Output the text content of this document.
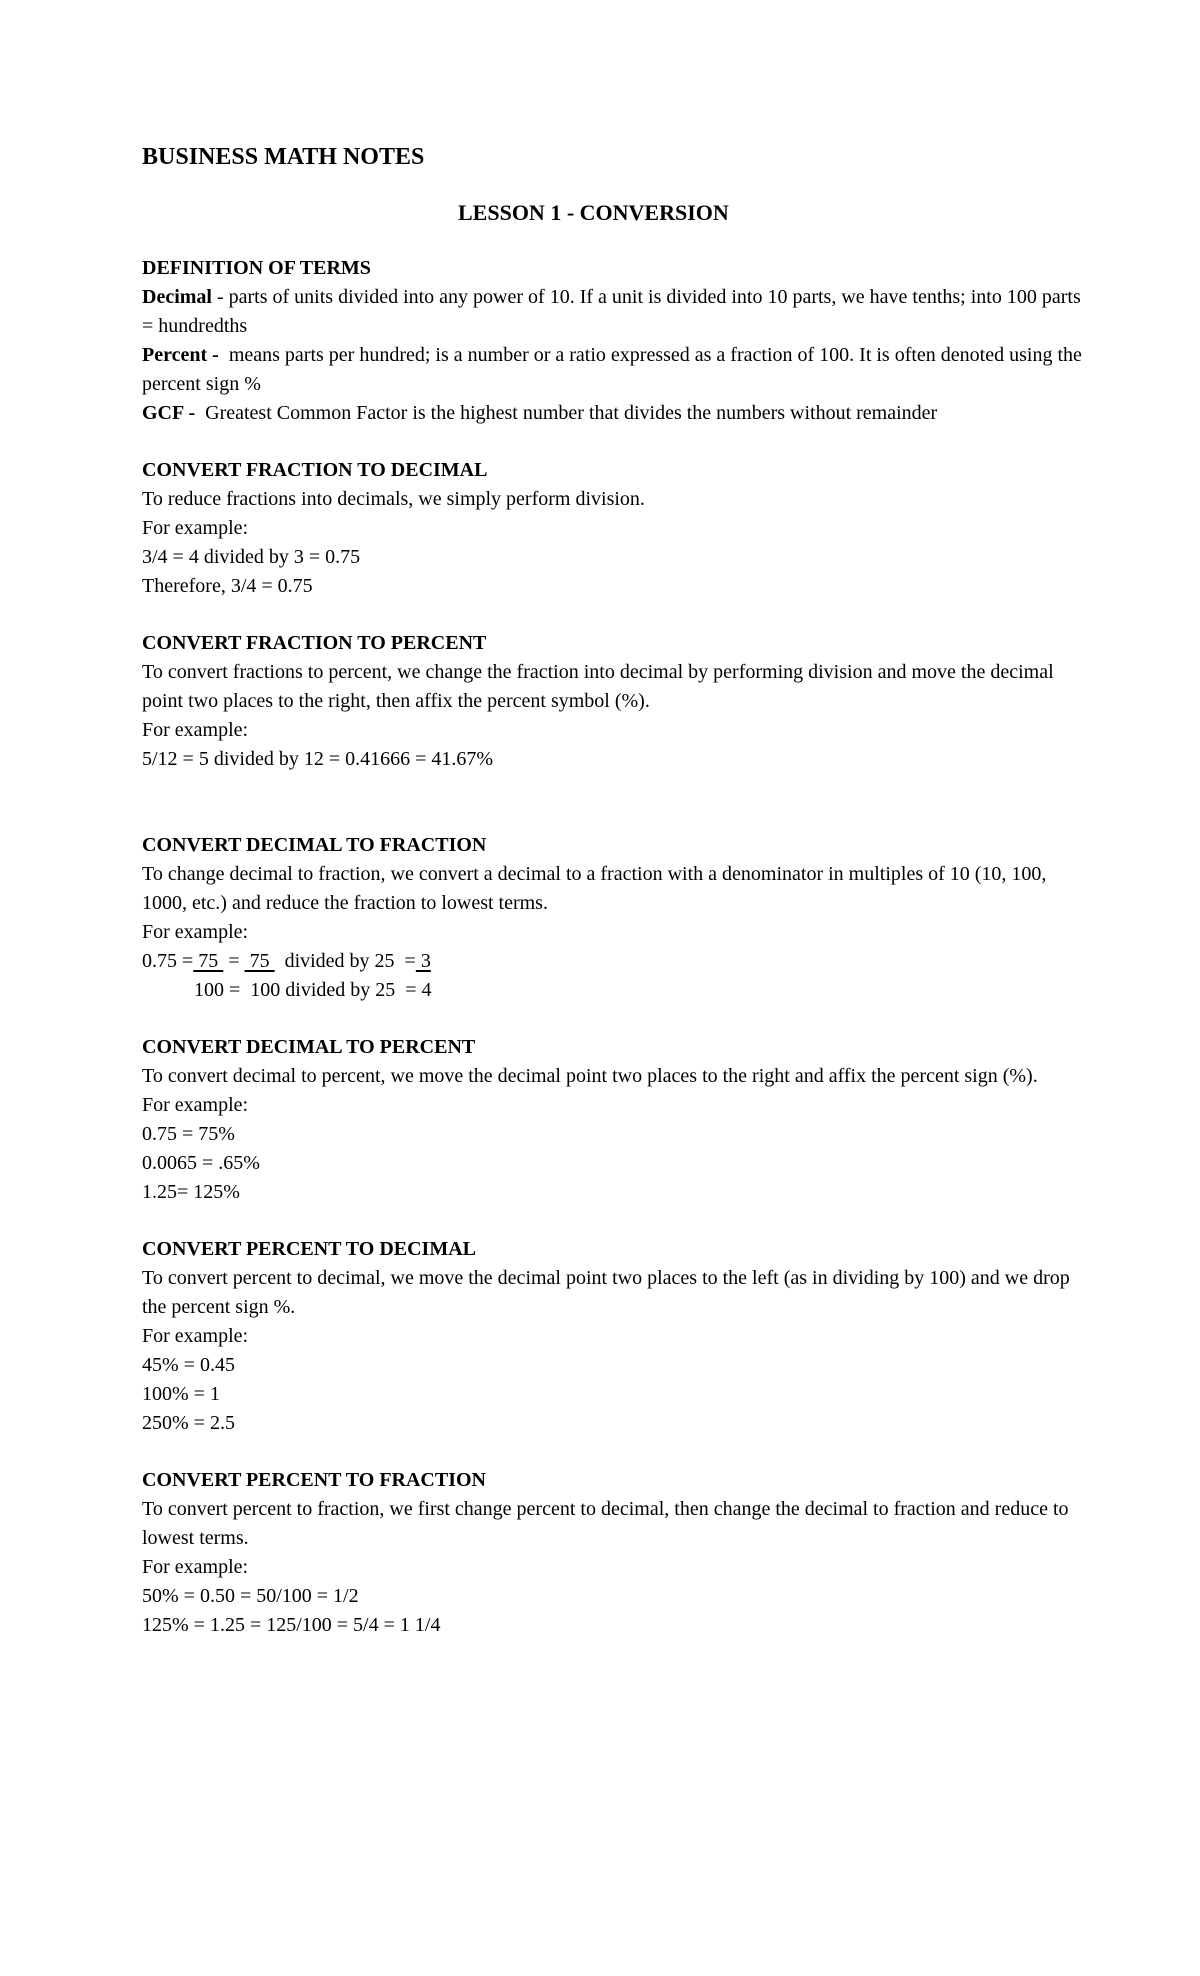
BUSINESS MATH NOTES
LESSON 1 - CONVERSION
DEFINITION OF TERMS
Decimal - parts of units divided into any power of 10. If a unit is divided into 10 parts, we have tenths; into 100 parts = hundredths
Percent -  means parts per hundred; is a number or a ratio expressed as a fraction of 100. It is often denoted using the percent sign %
GCF -  Greatest Common Factor is the highest number that divides the numbers without remainder
CONVERT FRACTION TO DECIMAL
To reduce fractions into decimals, we simply perform division.
For example:
3/4 = 4 divided by 3 = 0.75
Therefore, 3/4 = 0.75
CONVERT FRACTION TO PERCENT
To convert fractions to percent, we change the fraction into decimal by performing division and move the decimal point two places to the right, then affix the percent symbol (%).
For example:
5/12 = 5 divided by 12 = 0.41666 = 41.67%
CONVERT DECIMAL TO FRACTION
To change decimal to fraction, we convert a decimal to a fraction with a denominator in multiples of 10 (10, 100, 1000, etc.) and reduce the fraction to lowest terms.
For example:
0.75 = 75  =  75   divided by 25  = 3
100 =  100 divided by 25  = 4
CONVERT DECIMAL TO PERCENT
To convert decimal to percent, we move the decimal point two places to the right and affix the percent sign (%).
For example:
0.75 = 75%
0.0065 = .65%
1.25= 125%
CONVERT PERCENT TO DECIMAL
To convert percent to decimal, we move the decimal point two places to the left (as in dividing by 100) and we drop the percent sign %.
For example:
45% = 0.45
100% = 1
250% = 2.5
CONVERT PERCENT TO FRACTION
To convert percent to fraction, we first change percent to decimal, then change the decimal to fraction and reduce to lowest terms.
For example:
50% = 0.50 = 50/100 = 1/2
125% = 1.25 = 125/100 = 5/4 = 1 1/4
